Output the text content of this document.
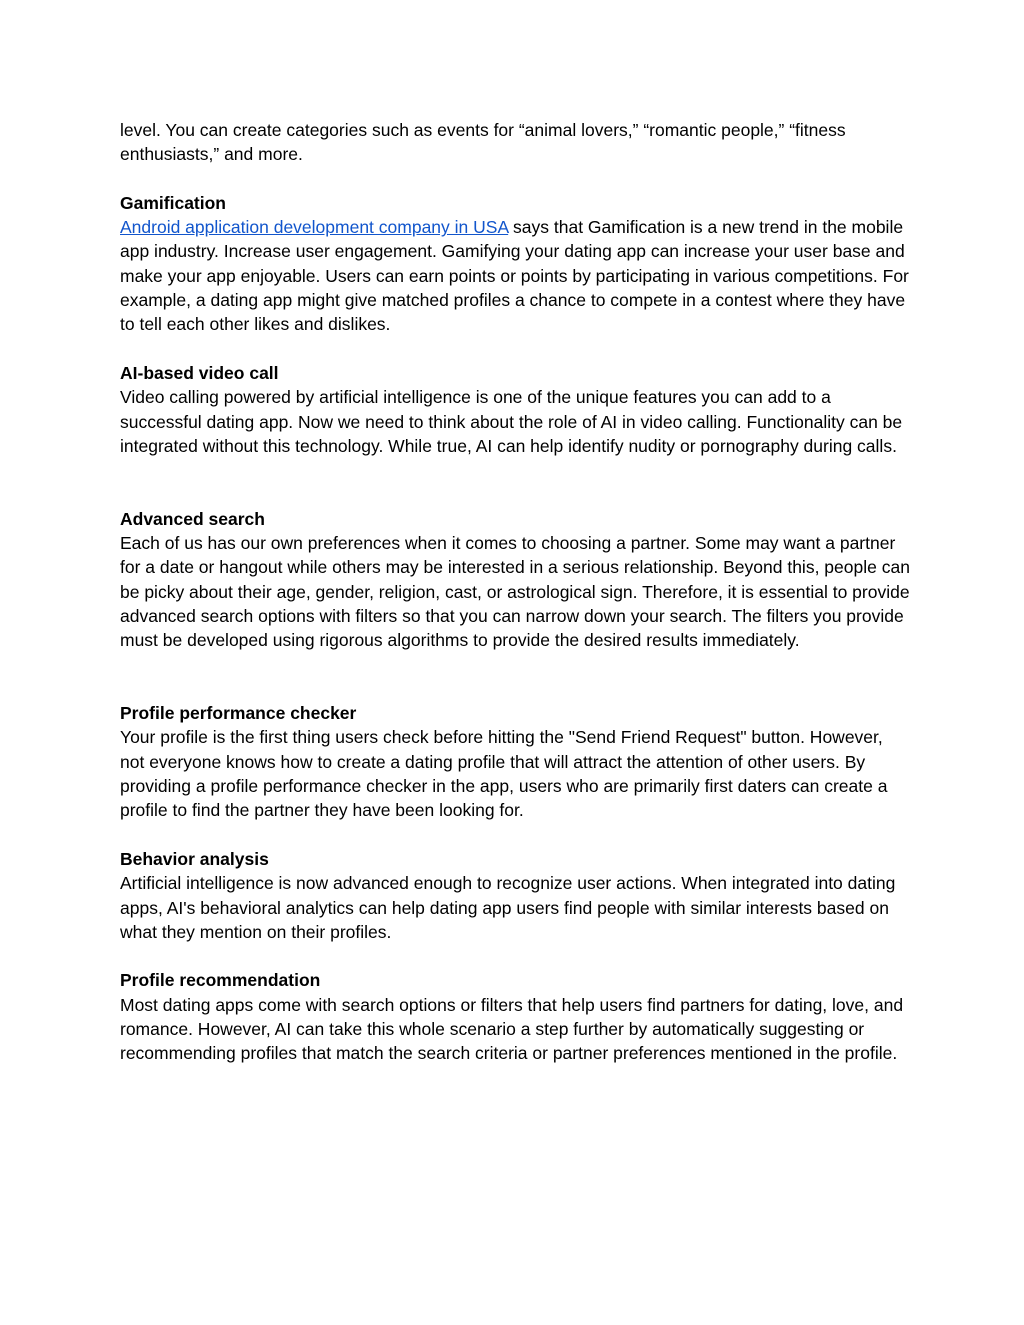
level. You can create categories such as events for “animal lovers,” “romantic people,” “fitness enthusiasts,” and more.

Gamification

Android application development company in USA says that Gamification is a new trend in the mobile app industry. Increase user engagement. Gamifying your dating app can increase your user base and make your app enjoyable. Users can earn points or points by participating in various competitions. For example, a dating app might give matched profiles a chance to compete in a contest where they have to tell each other likes and dislikes.

AI-based video call

Video calling powered by artificial intelligence is one of the unique features you can add to a successful dating app. Now we need to think about the role of AI in video calling. Functionality can be integrated without this technology. While true, AI can help identify nudity or pornography during calls.

Advanced search

Each of us has our own preferences when it comes to choosing a partner. Some may want a partner for a date or hangout while others may be interested in a serious relationship. Beyond this, people can be picky about their age, gender, religion, cast, or astrological sign. Therefore, it is essential to provide advanced search options with filters so that you can narrow down your search. The filters you provide must be developed using rigorous algorithms to provide the desired results immediately.

Profile performance checker

Your profile is the first thing users check before hitting the "Send Friend Request" button. However, not everyone knows how to create a dating profile that will attract the attention of other users. By providing a profile performance checker in the app, users who are primarily first daters can create a profile to find the partner they have been looking for.

Behavior analysis

Artificial intelligence is now advanced enough to recognize user actions. When integrated into dating apps, AI's behavioral analytics can help dating app users find people with similar interests based on what they mention on their profiles.

Profile recommendation

Most dating apps come with search options or filters that help users find partners for dating, love, and romance. However, AI can take this whole scenario a step further by automatically suggesting or recommending profiles that match the search criteria or partner preferences mentioned in the profile.
